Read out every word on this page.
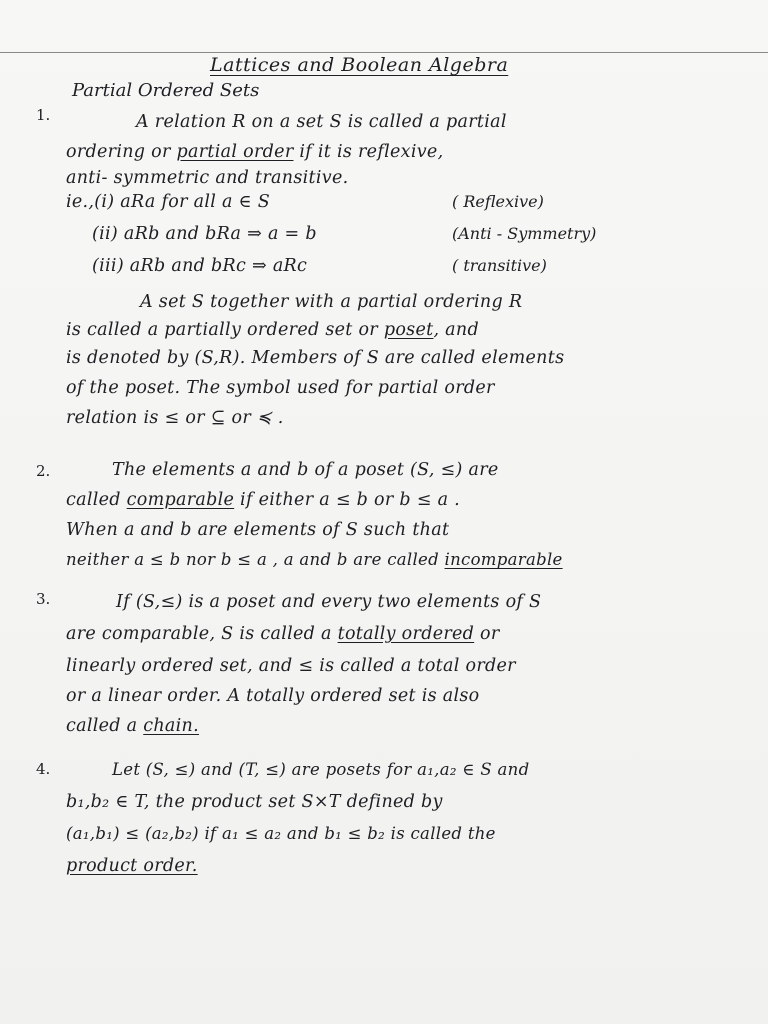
Lattices and Boolean Algebra
Partial Ordered Sets
1.	A relation R on a set S is called a partial
ordering or partial order if it is reflexive,
anti- symmetric and transitive.
ie.,(i) aRa for all a ∈ S	( Reflexive)
(ii) aRb and bRa ⇒ a = b	(Anti - Symmetry)
(iii) aRb and bRc ⇒ aRc	( transitive)
A set S together with a partial ordering R
is called a partially ordered set or poset, and
is denoted by (S,R). Members of S are called elements
of the poset. The symbol used for partial order
relation is ≤ or ⊆ or ≼ .
2.	The elements a and b of a poset (S, ≤) are
called comparable if either a ≤ b or b ≤ a .
When a and b are elements of S such that
neither a ≤ b nor b ≤ a , a and b are called incomparable
3.	If (S,≤) is a poset and every two elements of S
are comparable, S is called a totally ordered or
linearly ordered set, and ≤ is called a total order
or a linear order. A totally ordered set is also
called a chain.
4.	Let (S, ≤) and (T, ≤) are posets for a₁,a₂ ∈ S and
b₁,b₂ ∈ T, the product set S×T defined by
(a₁,b₁) ≤ (a₂,b₂) if a₁ ≤ a₂ and b₁ ≤ b₂ is called the
product order.
